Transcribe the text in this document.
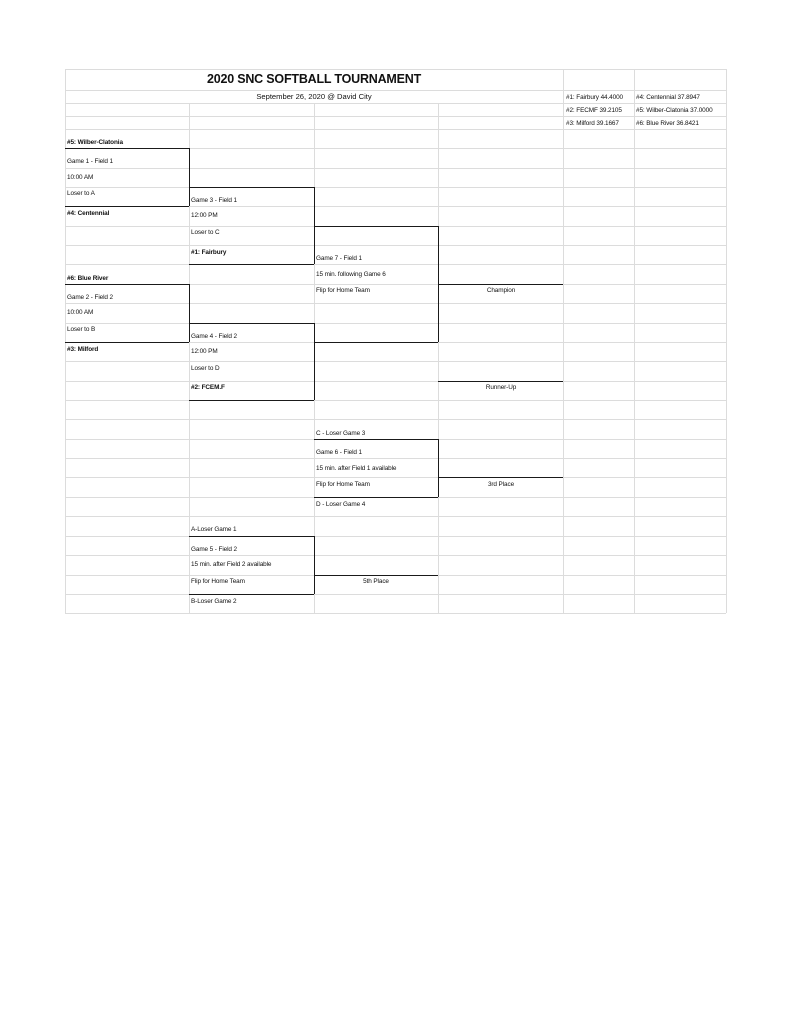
2020 SNC SOFTBALL TOURNAMENT
September 26, 2020 @ David City	#1: Fairbury 44.4000
#2: FECMF 39.2105
#3: Milford 39.1667
#4: Centennial 37.8947
#5: Wilber-Clatonia 37.0000
#6: Blue River 36.8421
#5: Wilber-Clatonia
Game 1 - Field 1
10:00 AM
Loser to A
#4: Centennial
Game 3 - Field 1
12:00 PM
Loser to C
#1: Fairbury
Game 7 - Field 1
15 min. following Game 6
Flip for Home Team	Champion
#6: Blue River
Game 2 - Field 2
10:00 AM
Loser to B
#3: Milford
Game 4 - Field 2
12:00 PM
Loser to D
#2: FCEM.F	Runner-Up
C - Loser Game 3
Game 6 - Field 1
15 min. after Field 1 available
Flip for Home Team	3rd Place
D - Loser Game 4
A-Loser Game 1
Game 5 - Field 2
15 min. after Field 2 available
Flip for Home Team	5th Place
B-Loser Game 2
